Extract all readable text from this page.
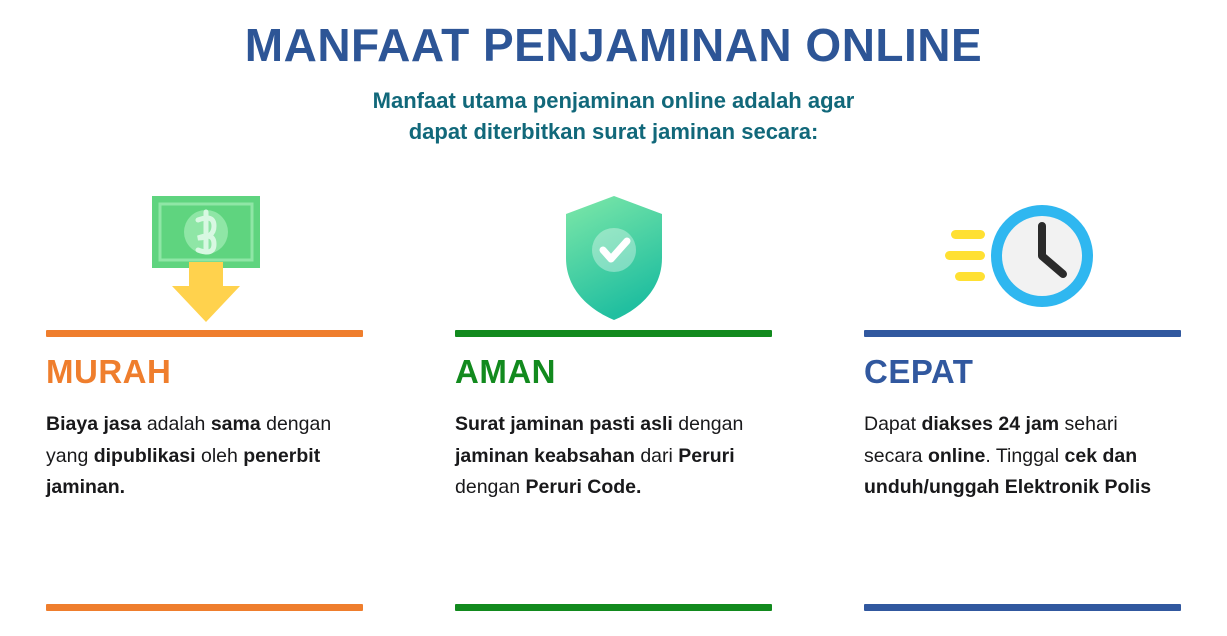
MANFAAT PENJAMINAN ONLINE
Manfaat utama penjaminan online adalah agar
dapat diterbitkan surat jaminan secara:
MURAH
Biaya jasa adalah sama dengan yang dipublikasi oleh penerbit jaminan.
AMAN
Surat jaminan pasti asli dengan jaminan keabsahan dari Peruri dengan Peruri Code.
CEPAT
Dapat diakses 24 jam sehari secara online. Tinggal cek dan unduh/unggah Elektronik Polis
